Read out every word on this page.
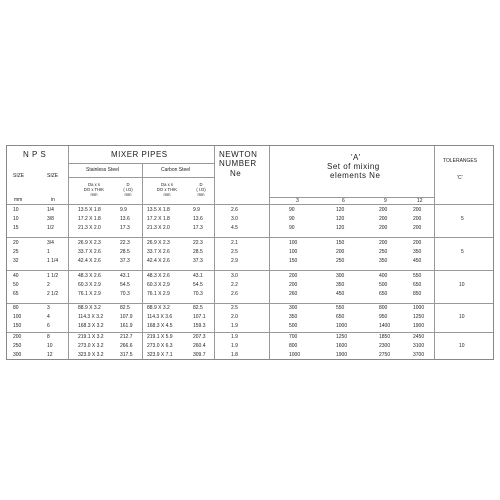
N P S	MIXER PIPES	NEWTON
NUMBER
Ne
'A'
Set of mixing
elements Ne
TOLERANGES
'C'
SIZE	SIZE
mm	in
Stainless Steel	Carbon Steel
Da x s
DO x THIK
mm
D
( I.D)
mm
Da x s
DO x THIK
mm
D
( I.D)
mm
3	6	9	12
10	1/4	13.5 X 1.8	9.9	13.5 X 1.8	9.9	2.6	90	120	200	200
10	3/8	17.2 X 1.8	13.6	17.2 X 1.8	13.6	3.0	90	120	200	200
15	1/2	21.3 X 2.0	17.3	21.3 X 2.0	17.3	4.5	90	120	200	200
5
20	3/4	26.9 X 2.3	22.3	26.9 X 2.3	22.3	2.1	100	150	200	200
25	1	33.7 X 2.6	28.5	33.7 X 2.6	28.5	2.5	100	200	250	350
32	1 1/4	42.4 X 2.6	37.3	42.4 X 2.6	37.3	2.9	150	250	350	450
5
40	1 1/2	48.3 X 2.6	43.1	48.3 X 2.6	43.1	3.0	200	300	400	550
50	2	60.3 X 2.9	54.5	60.3 X 2.9	54.5	2.2	200	350	500	650
65	2 1/2	76.1 X 2.9	70.3	76.1 X 2.9	70.3	2.6	260	450	650	850
10
80	3	88.9 X 3.2	82.5	88.9 X 3.2	82.5	2.5	300	550	800	1000
100	4	114.3 X 3.2	107.9	114.3 X 3.6	107.1	2.0	350	650	950	1250
150	6	168.3 X 3.2	161.9	168.3 X 4.5	159.3	1.9	500	1000	1400	1900
10
200	8	219.1 X 3.2	212.7	219.1 X 5.9	207.3	1.9	700	1250	1850	2450
250	10	273.0 X 3.2	266.6	273.0 X 6.3	260.4	1.9	800	1600	2300	3100
300	12	323.9 X 3.2	317.5	323.9 X 7.1	309.7	1.8	1000	1900	2750	3700
10
